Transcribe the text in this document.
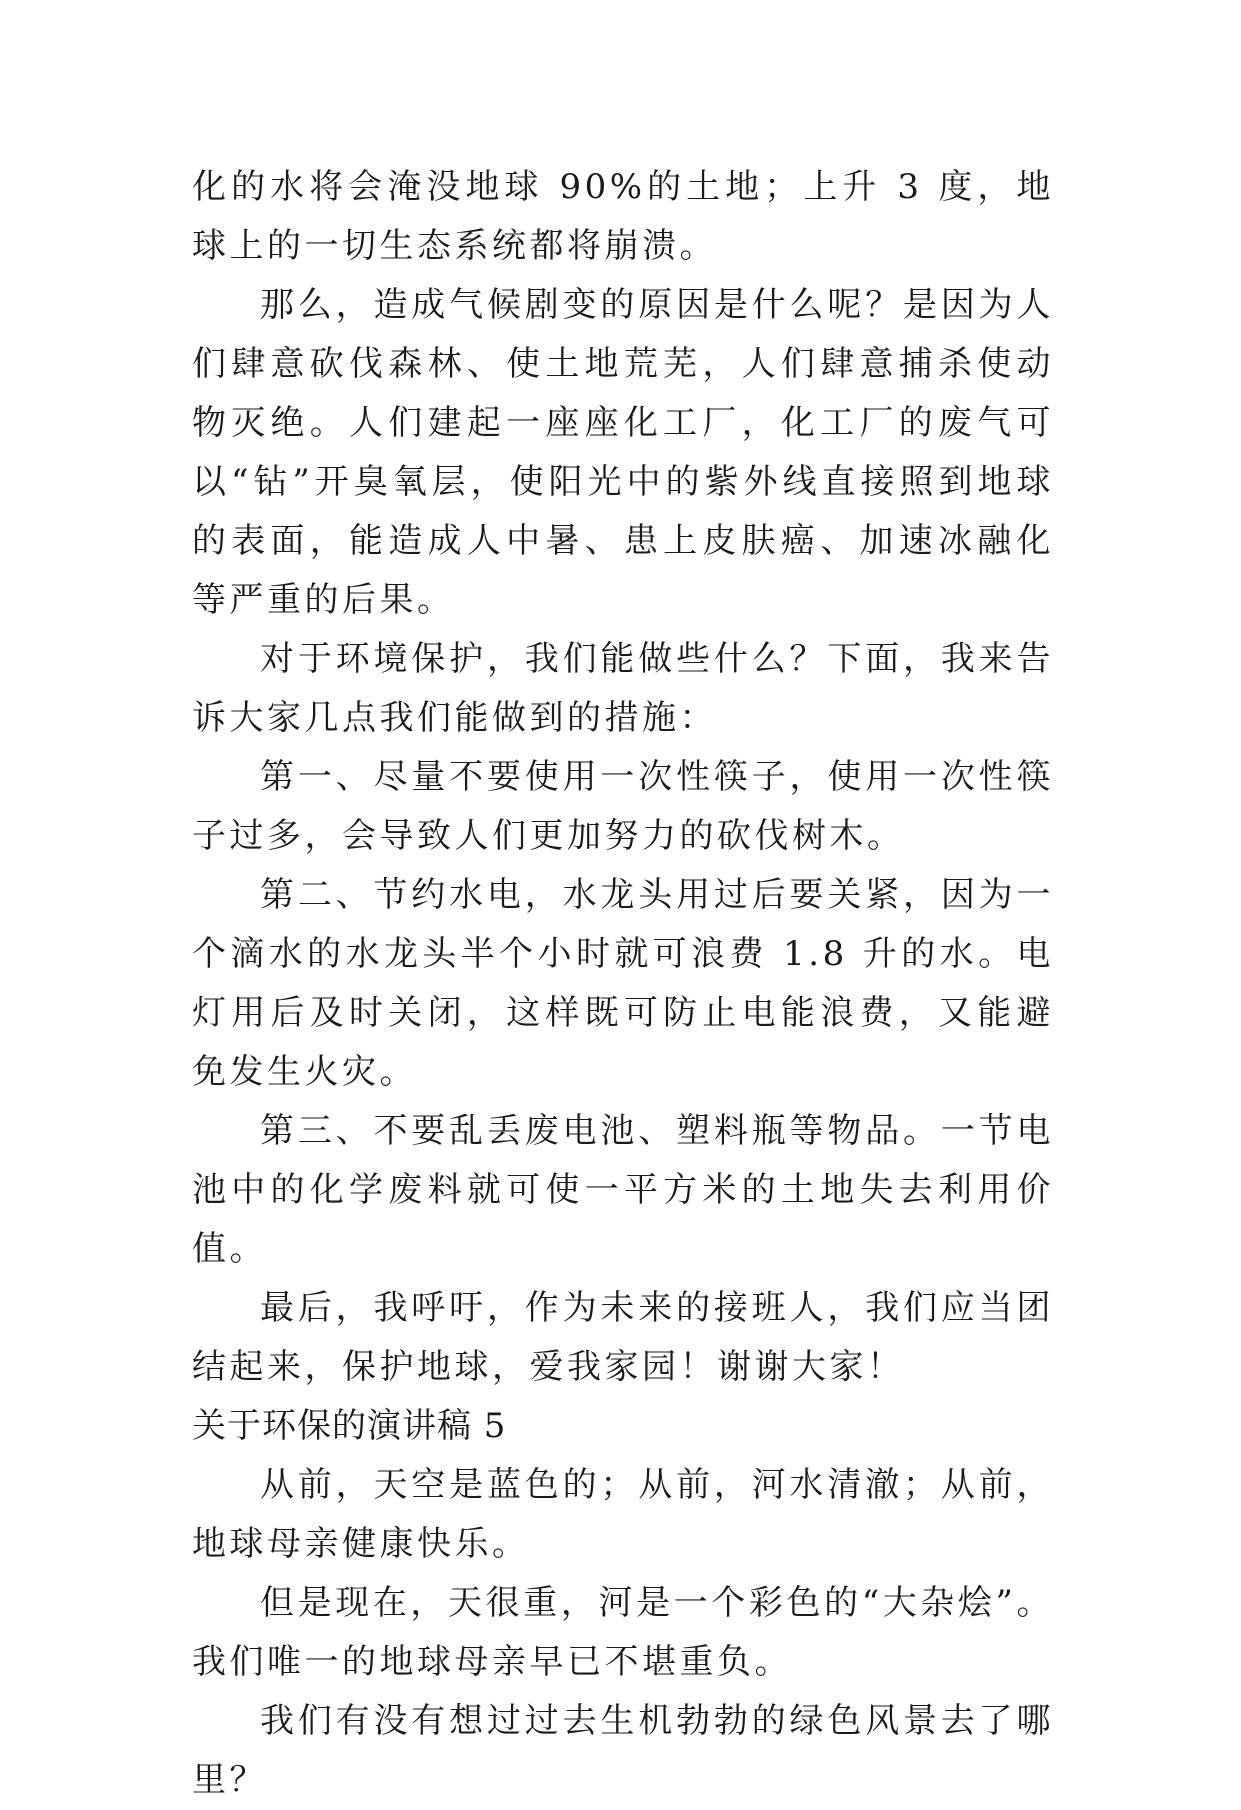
化的水将会淹没地球 90%的土地；上升 3 度，地球上的一切生态系统都将崩溃。

那么，造成气候剧变的原因是什么呢？是因为人们肆意砍伐森林、使土地荒芜，人们肆意捕杀使动物灭绝。人们建起一座座化工厂，化工厂的废气可以“钻”开臭氧层，使阳光中的紫外线直接照到地球的表面，能造成人中暑、患上皮肤癌、加速冰融化等严重的后果。

对于环境保护，我们能做些什么？下面，我来告诉大家几点我们能做到的措施：

第一、尽量不要使用一次性筷子，使用一次性筷子过多，会导致人们更加努力的砍伐树木。

第二、节约水电，水龙头用过后要关紧，因为一个滴水的水龙头半个小时就可浪费 1.8 升的水。电灯用后及时关闭，这样既可防止电能浪费，又能避免发生火灾。

第三、不要乱丢废电池、塑料瓶等物品。一节电池中的化学废料就可使一平方米的土地失去利用价值。

最后，我呼吁，作为未来的接班人，我们应当团结起来，保护地球，爱我家园！谢谢大家！

关于环保的演讲稿 5

从前，天空是蓝色的；从前，河水清澈；从前，地球母亲健康快乐。

但是现在，天很重，河是一个彩色的“大杂烩”。我们唯一的地球母亲早已不堪重负。

我们有没有想过过去生机勃勃的绿色风景去了哪里？
